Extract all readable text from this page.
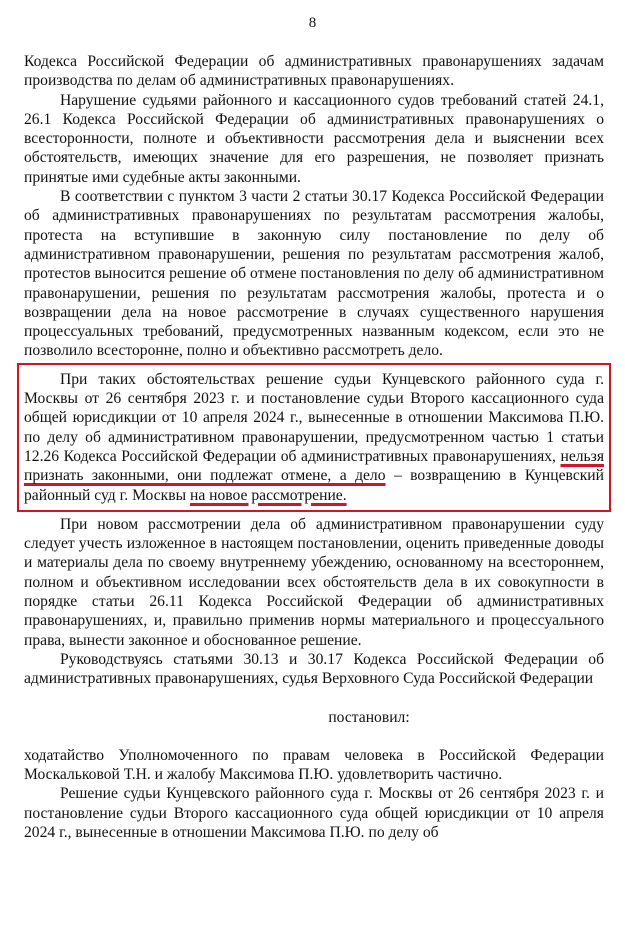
8

Кодекса Российской Федерации об административных правонарушениях задачам производства по делам об административных правонарушениях.

Нарушение судьями районного и кассационного судов требований статей 24.1, 26.1 Кодекса Российской Федерации об административных правонарушениях о всесторонности, полноте и объективности рассмотрения дела и выяснении всех обстоятельств, имеющих значение для его разрешения, не позволяет признать принятые ими судебные акты законными.

В соответствии с пунктом 3 части 2 статьи 30.17 Кодекса Российской Федерации об административных правонарушениях по результатам рассмотрения жалобы, протеста на вступившие в законную силу постановление по делу об административном правонарушении, решения по результатам рассмотрения жалоб, протестов выносится решение об отмене постановления по делу об административном правонарушении, решения по результатам рассмотрения жалобы, протеста и о возвращении дела на новое рассмотрение в случаях существенного нарушения процессуальных требований, предусмотренных названным кодексом, если это не позволило всесторонне, полно и объективно рассмотреть дело.

При таких обстоятельствах решение судьи Кунцевского районного суда г. Москвы от 26 сентября 2023 г. и постановление судьи Второго кассационного суда общей юрисдикции от 10 апреля 2024 г., вынесенные в отношении Максимова П.Ю. по делу об административном правонарушении, предусмотренном частью 1 статьи 12.26 Кодекса Российской Федерации об административных правонарушениях, нельзя признать законными, они подлежат отмене, а дело – возвращению в Кунцевский районный суд г. Москвы на новое рассмотрение.

При новом рассмотрении дела об административном правонарушении суду следует учесть изложенное в настоящем постановлении, оценить приведенные доводы и материалы дела по своему внутреннему убеждению, основанному на всестороннем, полном и объективном исследовании всех обстоятельств дела в их совокупности в порядке статьи 26.11 Кодекса Российской Федерации об административных правонарушениях, и, правильно применив нормы материального и процессуального права, вынести законное и обоснованное решение.

Руководствуясь статьями 30.13 и 30.17 Кодекса Российской Федерации об административных правонарушениях, судья Верховного Суда Российской Федерации

постановил:

ходатайство Уполномоченного по правам человека в Российской Федерации Москальковой Т.Н. и жалобу Максимова П.Ю. удовлетворить частично.

Решение судьи Кунцевского районного суда г. Москвы от 26 сентября 2023 г. и постановление судьи Второго кассационного суда общей юрисдикции от 10 апреля 2024 г., вынесенные в отношении Максимова П.Ю. по делу об
